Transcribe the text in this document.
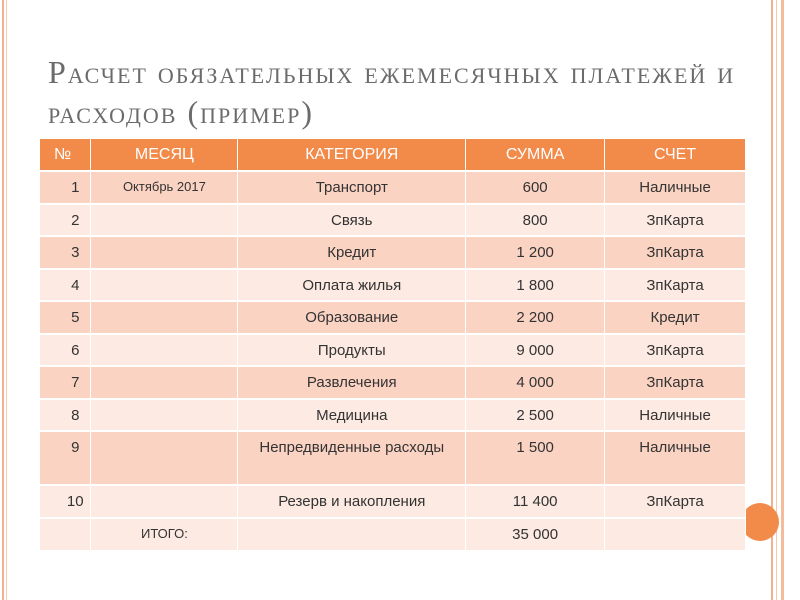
Расчет обязательных ежемесячных платежей и расходов (пример)
№	МЕСЯЦ	КАТЕГОРИЯ	СУММА	СЧЕТ
1	Октябрь 2017	Транспорт	600	Наличные
2		Связь	800	ЗпКарта
3		Кредит	1 200	ЗпКарта
4		Оплата жилья	1 800	ЗпКарта
5		Образование	2 200	Кредит
6		Продукты	9 000	ЗпКарта
7		Развлечения	4 000	ЗпКарта
8		Медицина	2 500	Наличные
9		Непредвиденные расходы	1 500	Наличные
10		Резерв и накопления	11 400	ЗпКарта
	ИТОГО:		35 000	
